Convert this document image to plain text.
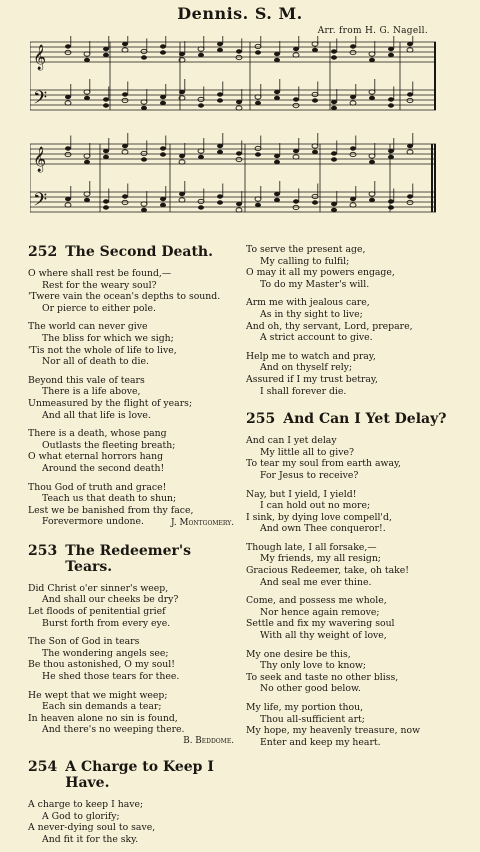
Dennis. S. M.
Arr. from H. G. Nagell.
𝄞
𝄢
𝄞
𝄢
252 The Second Death.
O where shall rest be found,—
Rest for the weary soul?
'Twere vain the ocean's depths to sound.
Or pierce to either pole.
The world can never give
The bliss for which we sigh;
'Tis not the whole of life to live,
Nor all of death to die.
Beyond this vale of tears
There is a life above,
Unmeasured by the flight of years;
And all that life is love.
There is a death, whose pang
Outlasts the fleeting breath;
O what eternal horrors hang
Around the second death!
Thou God of truth and grace!
Teach us that death to shun;
Lest we be banished from thy face,
Forevermore undone.	J. Montgomery.
253 The Redeemer's Tears.
Did Christ o'er sinner's weep,
And shall our cheeks be dry?
Let floods of penitential grief
Burst forth from every eye.
The Son of God in tears
The wondering angels see;
Be thou astonished, O my soul!
He shed those tears for thee.
He wept that we might weep;
Each sin demands a tear;
In heaven alone no sin is found,
And there's no weeping there.
B. Beddome.
254 A Charge to Keep I Have.
A charge to keep I have;
A God to glorify;
A never-dying soul to save,
And fit it for the sky.
To serve the present age,
My calling to fulfil;
O may it all my powers engage,
To do my Master's will.
Arm me with jealous care,
As in thy sight to live;
And oh, thy servant, Lord, prepare,
A strict account to give.
Help me to watch and pray,
And on thyself rely;
Assured if I my trust betray,
I shall forever die.
255 And Can I Yet Delay?
And can I yet delay
My little all to give?
To tear my soul from earth away,
For Jesus to receive?
Nay, but I yield, I yield!
I can hold out no more;
I sink, by dying love compell'd,
And own Thee conqueror!.
Though late, I all forsake,—
My friends, my all resign;
Gracious Redeemer, take, oh take!
And seal me ever thine.
Come, and possess me whole,
Nor hence again remove;
Settle and fix my wavering soul
With all thy weight of love,
My one desire be this,
Thy only love to know;
To seek and taste no other bliss,
No other good below.
My life, my portion thou,
Thou all-sufficient art;
My hope, my heavenly treasure, now
Enter and keep my heart.
